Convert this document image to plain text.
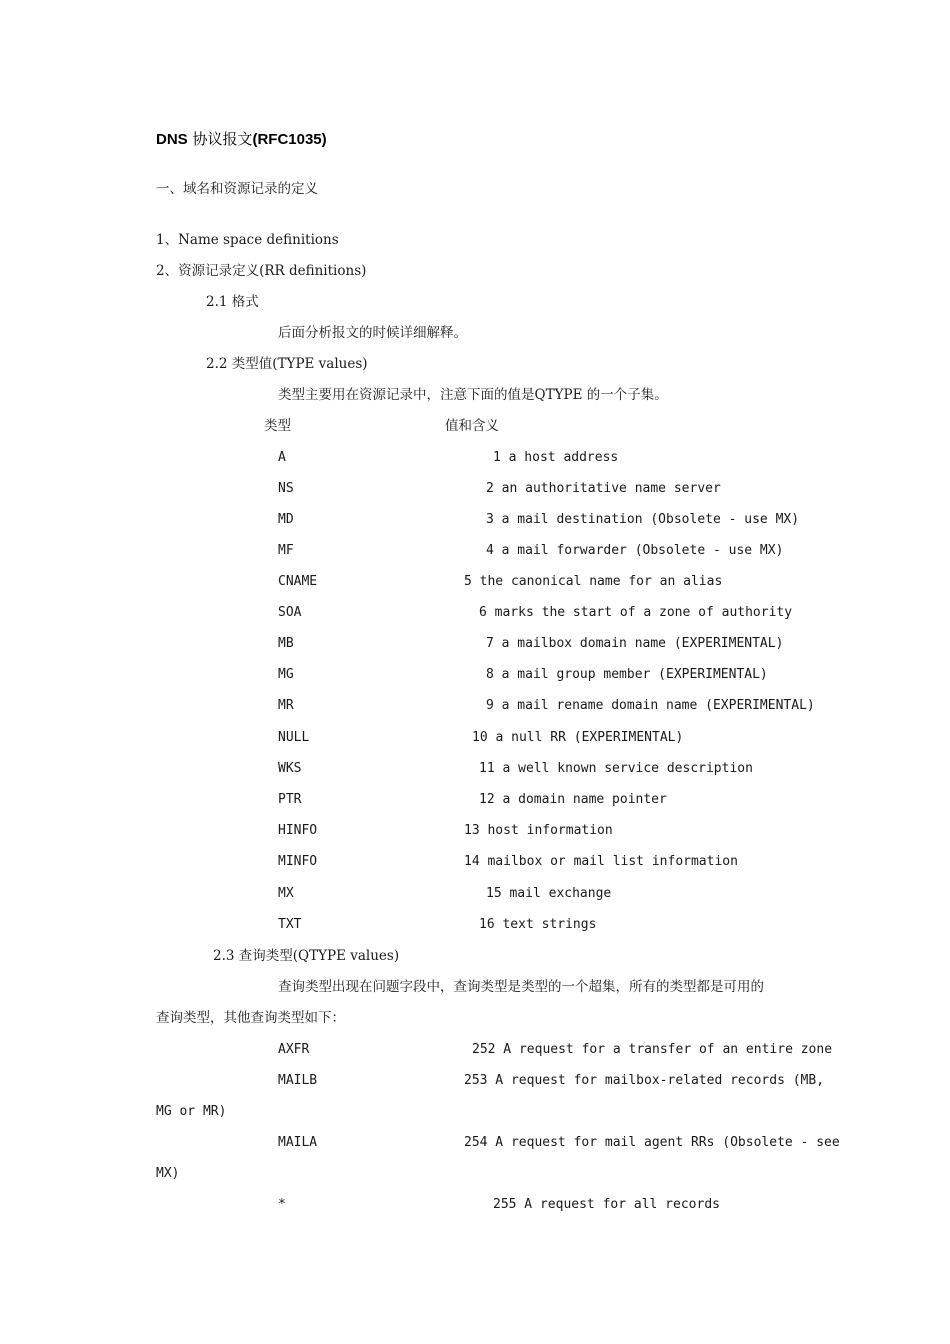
DNS 协议报文(RFC1035)
一、域名和资源记录的定义
1、Name space definitions
2、资源记录定义(RR definitions)
2.1 格式
后面分析报文的时候详细解释。
2.2 类型值(TYPE values)
类型主要用在资源记录中，注意下面的值是QTYPE 的一个子集。
类型	值和含义
A	1 a host address
NS	2 an authoritative name server
MD	3 a mail destination (Obsolete - use MX)
MF	4 a mail forwarder (Obsolete - use MX)
CNAME	5 the canonical name for an alias
SOA	6 marks the start of a zone of authority
MB	7 a mailbox domain name (EXPERIMENTAL)
MG	8 a mail group member (EXPERIMENTAL)
MR	9 a mail rename domain name (EXPERIMENTAL)
NULL	10 a null RR (EXPERIMENTAL)
WKS	11 a well known service description
PTR	12 a domain name pointer
HINFO	13 host information
MINFO	14 mailbox or mail list information
MX	15 mail exchange
TXT	16 text strings
2.3 查询类型(QTYPE values)
查询类型出现在问题字段中，查询类型是类型的一个超集，所有的类型都是可用的
查询类型，其他查询类型如下：
AXFR	252 A request for a transfer of an entire zone
MAILB	253 A request for mailbox-related records (MB,
MG or MR)
MAILA	254 A request for mail agent RRs (Obsolete - see
MX)
*	255 A request for all records
